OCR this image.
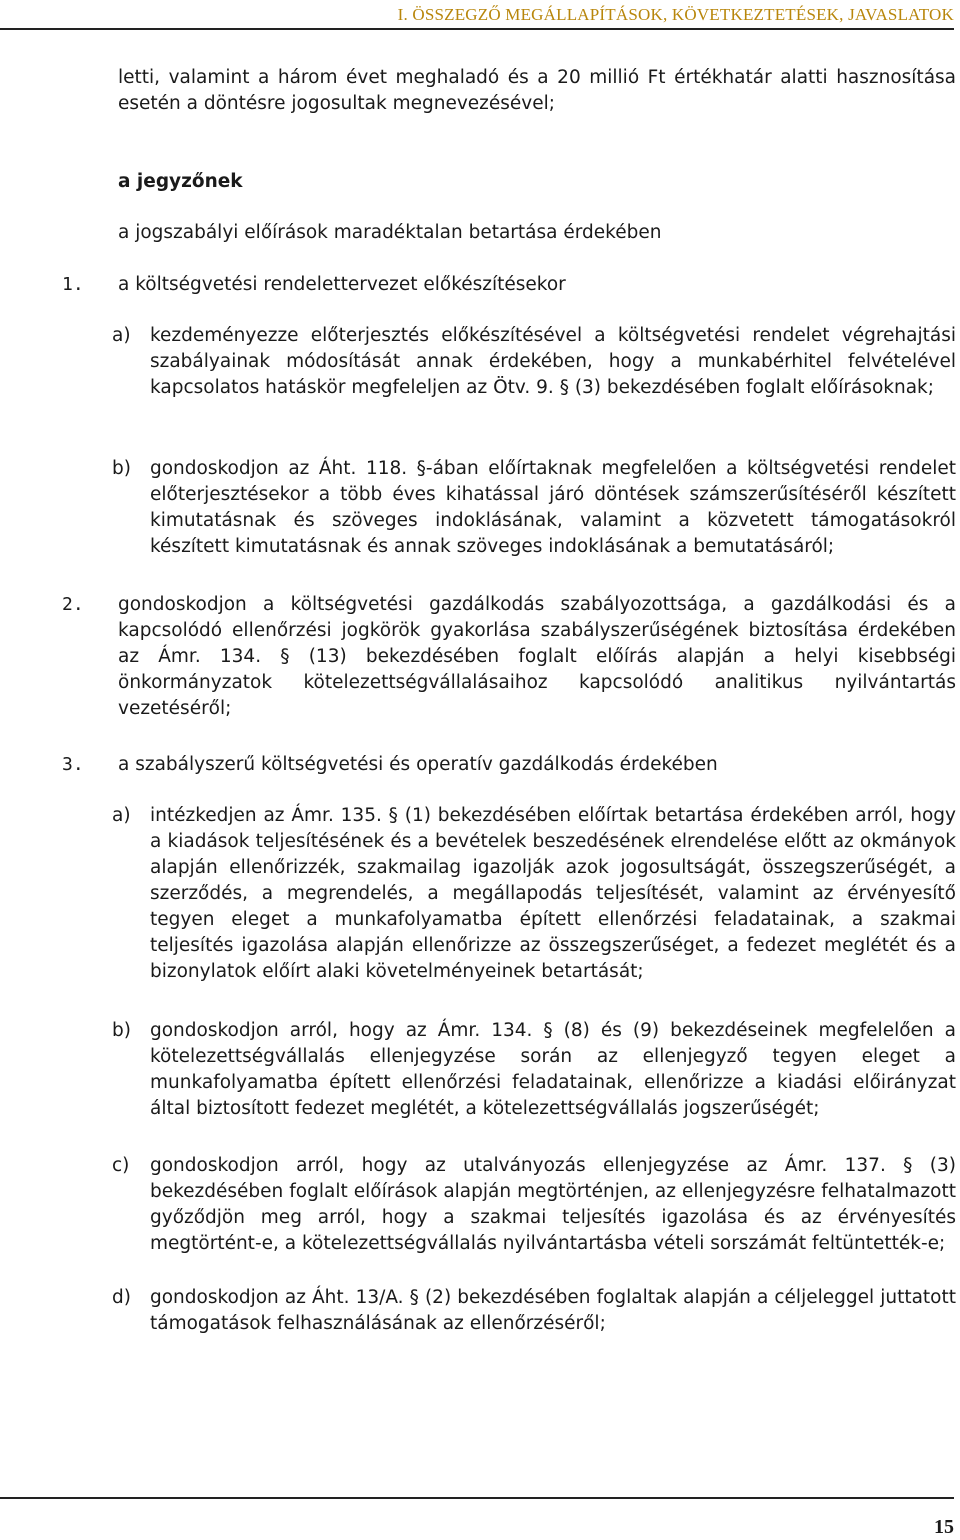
I. ÖSSZEGZŐ MEGÁLLAPÍTÁSOK, KÖVETKEZTETÉSEK, JAVASLATOK
letti, valamint a három évet meghaladó és a 20 millió Ft értékhatár alatti hasznosítása esetén a döntésre jogosultak megnevezésével;
a jegyzőnek
a jogszabályi előírások maradéktalan betartása érdekében
1. a költségvetési rendelettervezet előkészítésekor
a) kezdeményezze előterjesztés előkészítésével a költségvetési rendelet végrehajtási szabályainak módosítását annak érdekében, hogy a munkabérhitel felvételével kapcsolatos hatáskör megfeleljen az Ötv. 9. § (3) bekezdésében foglalt előírásoknak;
b) gondoskodjon az Áht. 118. §-ában előírtaknak megfelelően a költségvetési rendelet előterjesztésekor a több éves kihatással járó döntések számszerűsítéséről készített kimutatásnak és szöveges indoklásának, valamint a közvetett támogatásokról készített kimutatásnak és annak szöveges indoklásának a bemutatásáról;
2. gondoskodjon a költségvetési gazdálkodás szabályozottsága, a gazdálkodási és a kapcsolódó ellenőrzési jogkörök gyakorlása szabályszerűségének biztosítása érdekében az Ámr. 134. § (13) bekezdésében foglalt előírás alapján a helyi kisebbségi önkormányzatok kötelezettségvállalásaihoz kapcsolódó analitikus nyilvántartás vezetéséről;
3. a szabályszerű költségvetési és operatív gazdálkodás érdekében
a) intézkedjen az Ámr. 135. § (1) bekezdésében előírtak betartása érdekében arról, hogy a kiadások teljesítésének és a bevételek beszedésének elrendelése előtt az okmányok alapján ellenőrizzék, szakmailag igazolják azok jogosultságát, összegszerűségét, a szerződés, a megrendelés, a megállapodás teljesítését, valamint az érvényesítő tegyen eleget a munkafolyamatba épített ellenőrzési feladatainak, a szakmai teljesítés igazolása alapján ellenőrizze az összegszerűséget, a fedezet meglétét és a bizonylatok előírt alaki követelményeinek betartását;
b) gondoskodjon arról, hogy az Ámr. 134. § (8) és (9) bekezdéseinek megfelelően a kötelezettségvállalás ellenjegyzése során az ellenjegyző tegyen eleget a munkafolyamatba épített ellenőrzési feladatainak, ellenőrizze a kiadási előirányzat által biztosított fedezet meglétét, a kötelezettségvállalás jogszerűségét;
c) gondoskodjon arról, hogy az utalványozás ellenjegyzése az Ámr. 137. § (3) bekezdésében foglalt előírások alapján megtörténjen, az ellenjegyzésre felhatalmazott győződjön meg arról, hogy a szakmai teljesítés igazolása és az érvényesítés megtörtént-e, a kötelezettségvállalás nyilvántartásba vételi sorszámát feltüntették-e;
d) gondoskodjon az Áht. 13/A. § (2) bekezdésében foglaltak alapján a céljeleggel juttatott támogatások felhasználásának az ellenőrzéséről;
15
